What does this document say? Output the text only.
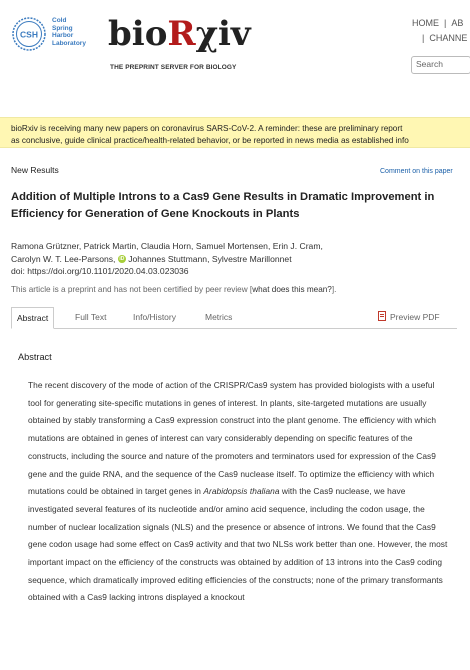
CSH
Cold
Spring
Harbor
Laboratory bioRχiv
THE PREPRINT SERVER FOR BIOLOGY
HOME | AB
| CHANNE
Search
bioRxiv is receiving many new papers on coronavirus SARS-CoV-2. A reminder: these are preliminary report
as conclusive, guide clinical practice/health-related behavior, or be reported in news media as established info
New Results	Comment on this paper
Addition of Multiple Introns to a Cas9 Gene Results in Dramatic Improvement in Efficiency for Generation of Gene Knockouts in Plants
Ramona Grützner, Patrick Martin, Claudia Horn, Samuel Mortensen, Erin J. Cram,
Carolyn W. T. Lee-Parsons, iD Johannes Stuttmann, Sylvestre Marillonnet
doi: https://doi.org/10.1101/2020.04.03.023036
This article is a preprint and has not been certified by peer review [what does this mean?].
Abstract	Full Text	Info/History	Metrics	Preview PDF
Abstract
The recent discovery of the mode of action of the CRISPR/Cas9 system has provided biologists with a useful tool for generating site-specific mutations in genes of interest. In plants, site-targeted mutations are usually obtained by stably transforming a Cas9 expression construct into the plant genome. The efficiency with which mutations are obtained in genes of interest can vary considerably depending on specific features of the constructs, including the source and nature of the promoters and terminators used for expression of the Cas9 gene and the guide RNA, and the sequence of the Cas9 nuclease itself. To optimize the efficiency with which mutations could be obtained in target genes in Arabidopsis thaliana with the Cas9 nuclease, we have investigated several features of its nucleotide and/or amino acid sequence, including the codon usage, the number of nuclear localization signals (NLS) and the presence or absence of introns. We found that the Cas9 gene codon usage had some effect on Cas9 activity and that two NLSs work better than one. However, the most important impact on the efficiency of the constructs was obtained by addition of 13 introns into the Cas9 coding sequence, which dramatically improved editing efficiencies of the constructs; none of the primary transformants obtained with a Cas9 lacking introns displayed a knockout
